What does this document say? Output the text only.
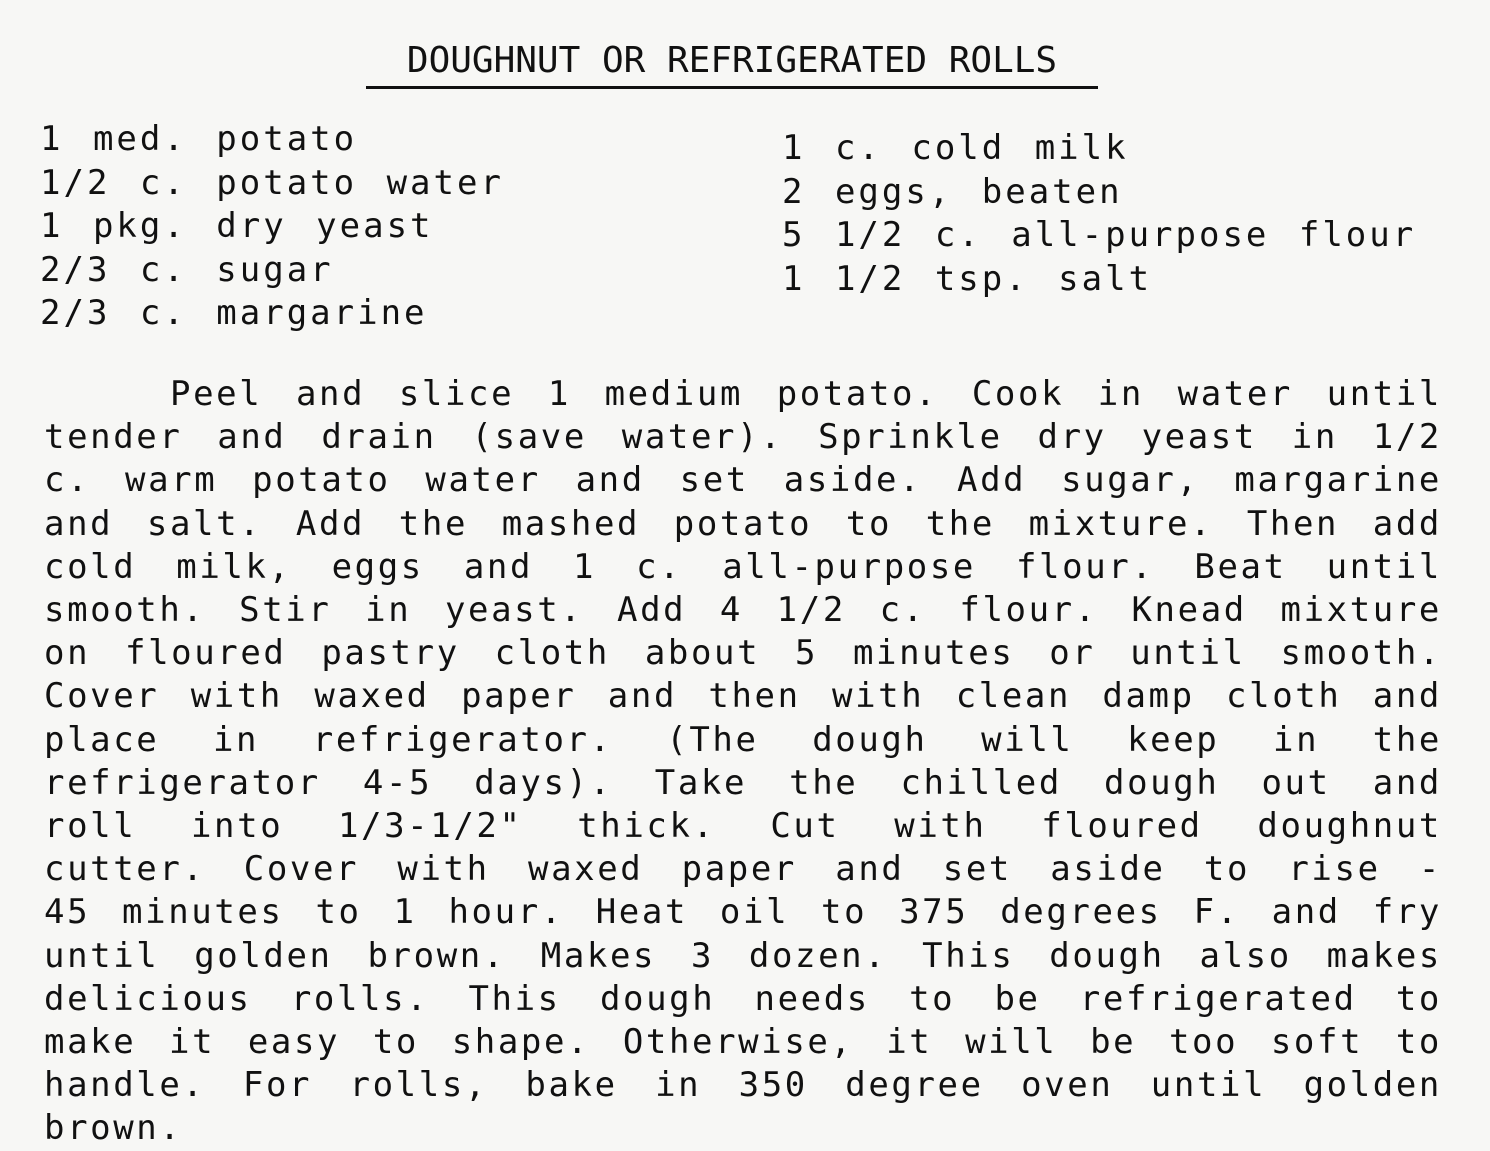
DOUGHNUT OR REFRIGERATED ROLLS
1 med. potato
1/2 c. potato water
1 pkg. dry yeast
2/3 c. sugar
2/3 c. margarine
1 c. cold milk
2 eggs, beaten
5 1/2 c. all-purpose flour
1 1/2 tsp. salt

Peel and slice 1 medium potato. Cook in water until tender and drain (save water). Sprinkle dry yeast in 1/2 c. warm potato water and set aside. Add sugar, margarine and salt. Add the mashed potato to the mixture. Then add cold milk, eggs and 1 c. all-purpose flour. Beat until smooth. Stir in yeast. Add 4 1/2 c. flour. Knead mixture on floured pastry cloth about 5 minutes or until smooth. Cover with waxed paper and then with clean damp cloth and place in refrigerator. (The dough will keep in the refrigerator 4-5 days). Take the chilled dough out and roll into 1/3-1/2" thick. Cut with floured doughnut cutter. Cover with waxed paper and set aside to rise - 45 minutes to 1 hour. Heat oil to 375 degrees F. and fry until golden brown. Makes 3 dozen. This dough also makes delicious rolls. This dough needs to be refrigerated to make it easy to shape. Otherwise, it will be too soft to handle. For rolls, bake in 350 degree oven until golden brown.
